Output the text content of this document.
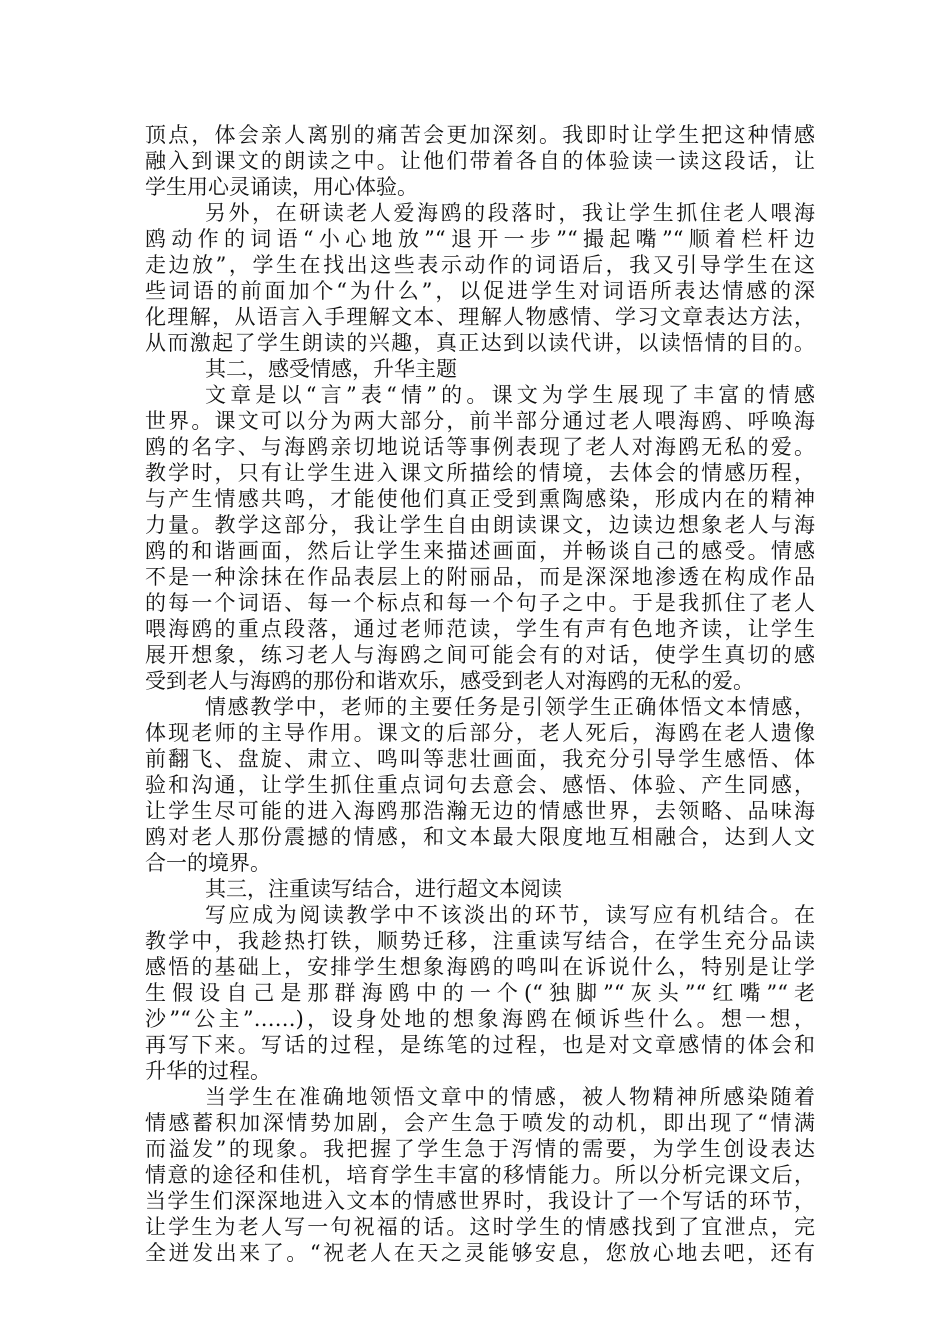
顶点，体会亲人离别的痛苦会更加深刻。我即时让学生把这种情感
融入到课文的朗读之中。让他们带着各自的体验读一读这段话，让
学生用心灵诵读，用心体验。
另外，在研读老人爱海鸥的段落时，我让学生抓住老人喂海
鸥动作的词语“小心地放”“退开一步”“撮起嘴”“顺着栏杆边
走边放”，学生在找出这些表示动作的词语后，我又引导学生在这
些词语的前面加个“为什么”，以促进学生对词语所表达情感的深
化理解，从语言入手理解文本、理解人物感情、学习文章表达方法，
从而激起了学生朗读的兴趣，真正达到以读代讲，以读悟情的目的。
其二，感受情感，升华主题
文章是以“言”表“情”的。课文为学生展现了丰富的情感
世界。课文可以分为两大部分，前半部分通过老人喂海鸥、呼唤海
鸥的名字、与海鸥亲切地说话等事例表现了老人对海鸥无私的爱。
教学时，只有让学生进入课文所描绘的情境，去体会的情感历程，
与产生情感共鸣，才能使他们真正受到熏陶感染，形成内在的精神
力量。教学这部分，我让学生自由朗读课文，边读边想象老人与海
鸥的和谐画面，然后让学生来描述画面，并畅谈自己的感受。情感
不是一种涂抹在作品表层上的附丽品，而是深深地渗透在构成作品
的每一个词语、每一个标点和每一个句子之中。于是我抓住了老人
喂海鸥的重点段落，通过老师范读，学生有声有色地齐读，让学生
展开想象，练习老人与海鸥之间可能会有的对话，使学生真切的感
受到老人与海鸥的那份和谐欢乐，感受到老人对海鸥的无私的爱。
情感教学中，老师的主要任务是引领学生正确体悟文本情感，
体现老师的主导作用。课文的后部分，老人死后，海鸥在老人遗像
前翻飞、盘旋、肃立、鸣叫等悲壮画面，我充分引导学生感悟、体
验和沟通，让学生抓住重点词句去意会、感悟、体验、产生同感，
让学生尽可能的进入海鸥那浩瀚无边的情感世界，去领略、品味海
鸥对老人那份震撼的情感，和文本最大限度地互相融合，达到人文
合一的境界。
其三，注重读写结合，进行超文本阅读
写应成为阅读教学中不该淡出的环节，读写应有机结合。在
教学中，我趁热打铁，顺势迁移，注重读写结合，在学生充分品读
感悟的基础上，安排学生想象海鸥的鸣叫在诉说什么，特别是让学
生假设自己是那群海鸥中的一个(“独脚”“灰头”“红嘴”“老
沙”“公主”……)，设身处地的想象海鸥在倾诉些什么。想一想，
再写下来。写话的过程，是练笔的过程，也是对文章感情的体会和
升华的过程。
当学生在准确地领悟文章中的情感，被人物精神所感染随着
情感蓄积加深情势加剧，会产生急于喷发的动机，即出现了“情满
而溢发”的现象。我把握了学生急于泻情的需要，为学生创设表达
情意的途径和佳机，培育学生丰富的移情能力。所以分析完课文后，
当学生们深深地进入文本的情感世界时，我设计了一个写话的环节，
让学生为老人写一句祝福的话。这时学生的情感找到了宜泄点，完
全迸发出来了。“祝老人在天之灵能够安息，您放心地去吧，还有
